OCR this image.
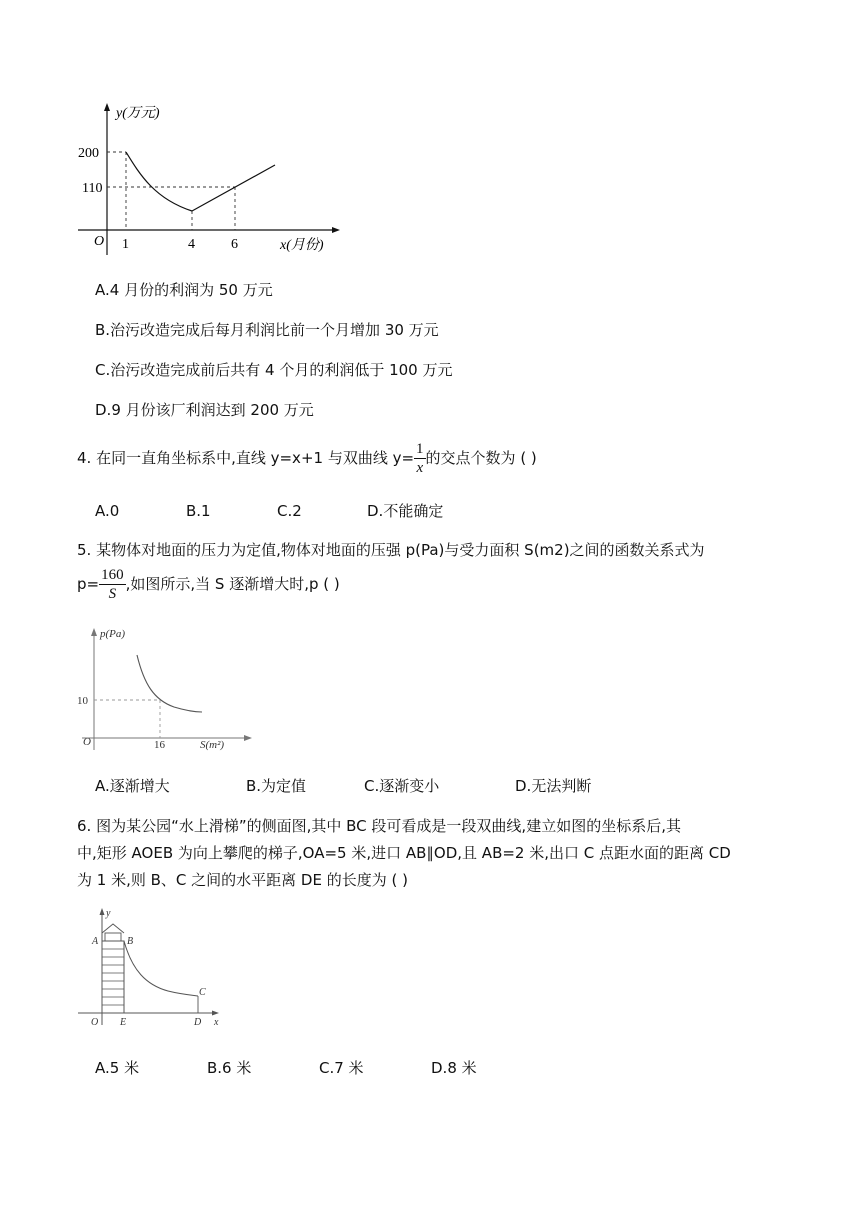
y(万元)
x(月份)
O
200
110
1	4	6
A.4 月份的利润为 50 万元
B.治污改造完成后每月利润比前一个月增加 30 万元
C.治污改造完成前后共有 4 个月的利润低于 100 万元
D.9 月份该厂利润达到 200 万元
4. 在同一直角坐标系中,直线 y=x+1 与双曲线 $y= \frac{1}{x}$ 的交点个数为 ( )
A.0	B.1	C.2	D.不能确定
5. 某物体对地面的压力为定值,物体对地面的压强 p(Pa)与受力面积 S(m2)之间的函数关系式为
$p= \frac{160}{S}$ ,如图所示,当 S 逐渐增大时,p ( )
p(Pa)
S(m²)
O
10
16
A.逐渐增大	B.为定值	C.逐渐变小	D.无法判断
6. 图为某公园“水上滑梯”的侧面图,其中 BC 段可看成是一段双曲线,建立如图的坐标系后,其
中,矩形 AOEB 为向上攀爬的梯子,OA=5 米,进口 AB∥OD,且 AB=2 米,出口 C 点距水面的距离 CD
为 1 米,则 B、C 之间的水平距离 DE 的长度为 ( )
y
x
A	B
C
O E	D
A.5 米	B.6 米	C.7 米	D.8 米
